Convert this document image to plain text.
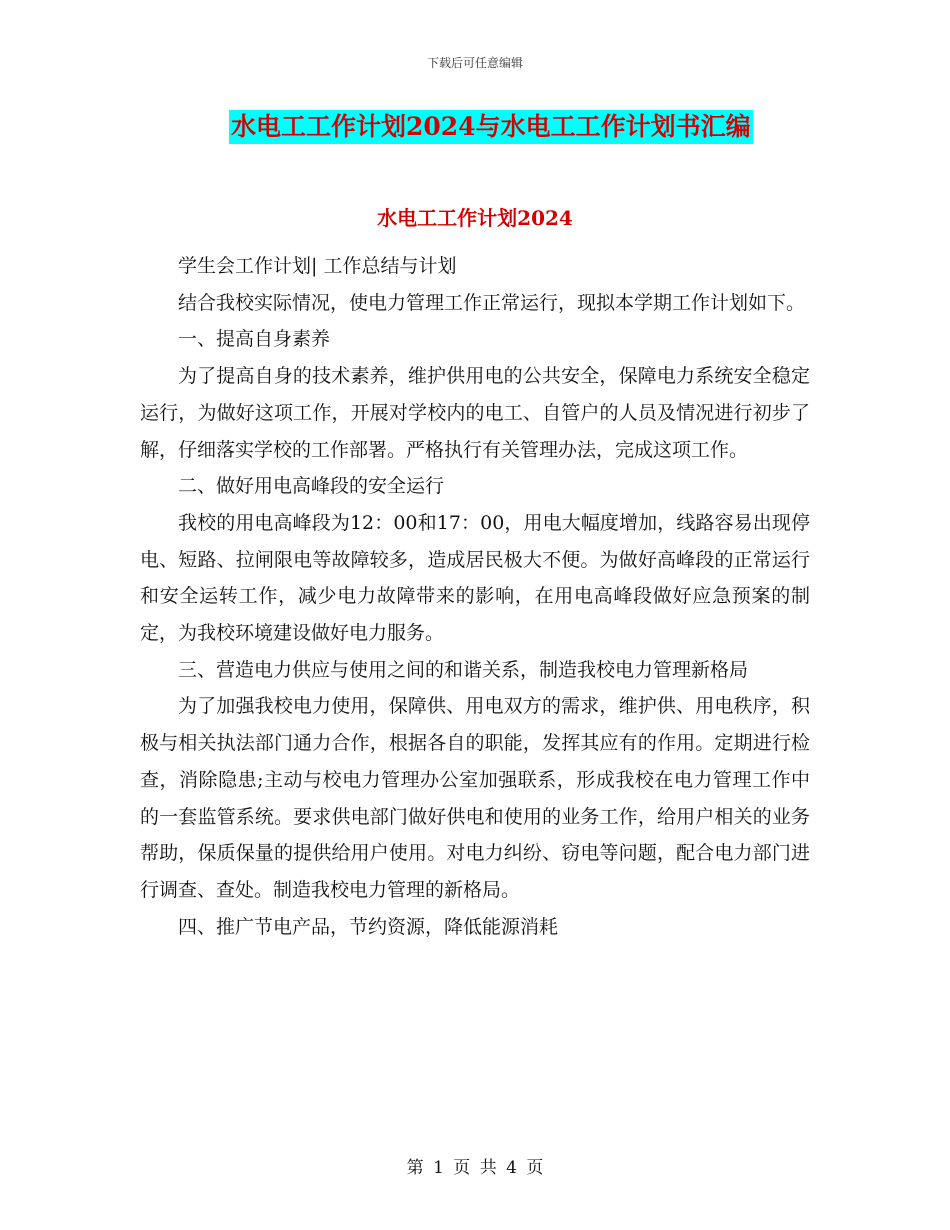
下载后可任意编辑
水电工工作计划2024与水电工工作计划书汇编
水电工工作计划2024

学生会工作计划| 工作总结与计划

结合我校实际情况，使电力管理工作正常运行，现拟本学期工作计划如下。

一、提高自身素养

为了提高自身的技术素养，维护供用电的公共安全，保障电力系统安全稳定运行，为做好这项工作，开展对学校内的电工、自管户的人员及情况进行初步了解，仔细落实学校的工作部署。严格执行有关管理办法，完成这项工作。

二、做好用电高峰段的安全运行

我校的用电高峰段为12：00和17：00，用电大幅度增加，线路容易出现停电、短路、拉闸限电等故障较多，造成居民极大不便。为做好高峰段的正常运行和安全运转工作，减少电力故障带来的影响，在用电高峰段做好应急预案的制定，为我校环境建设做好电力服务。

三、营造电力供应与使用之间的和谐关系，制造我校电力管理新格局

为了加强我校电力使用，保障供、用电双方的需求，维护供、用电秩序，积极与相关执法部门通力合作，根据各自的职能，发挥其应有的作用。定期进行检查，消除隐患;主动与校电力管理办公室加强联系，形成我校在电力管理工作中的一套监管系统。要求供电部门做好供电和使用的业务工作，给用户相关的业务帮助，保质保量的提供给用户使用。对电力纠纷、窃电等问题，配合电力部门进行调查、查处。制造我校电力管理的新格局。

四、推广节电产品，节约资源，降低能源消耗

第 1 页 共 4 页
